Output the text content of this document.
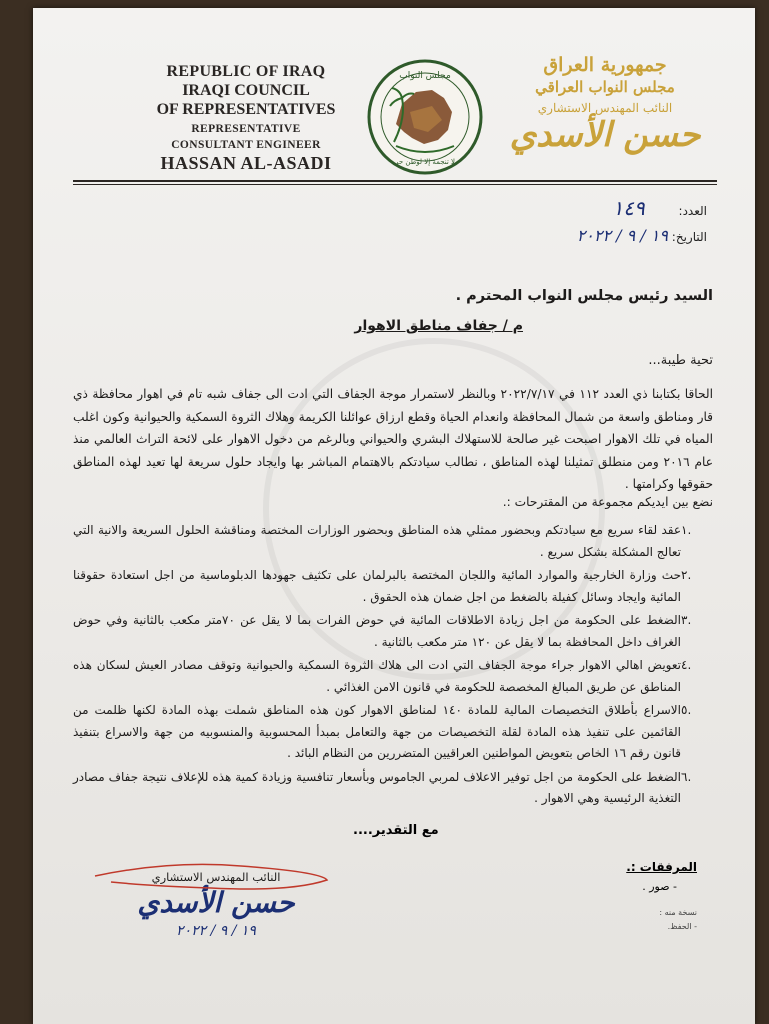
REPUBLIC OF IRAQ
IRAQI COUNCIL
OF REPRESENTATIVES
REPRESENTATIVE
CONSULTANT ENGINEER
HASSAN AL-ASADI
مجلس النواب
لا تنجمة إلا لوطن حر
جمهورية العراق
مجلس النواب العراقي
النائب المهندس الاستشاري
حسن الأسدي
العدد: ١٤٩
التاريخ: ١٩ / ٩ / ٢٠٢٢
السيد رئيس مجلس النواب المحترم .
م / جفاف مناطق الاهوار
تحية طيبة...
الحاقا بكتابنا ذي العدد ١١٢ في ٢٠٢٢/٧/١٧ وبالنظر لاستمرار موجة الجفاف التي ادت الى جفاف شبه تام في اهوار محافظة ذي قار ومناطق واسعة من شمال المحافظة وانعدام الحياة وقطع ارزاق عوائلنا الكريمة وهلاك الثروة السمكية والحيوانية وكون اغلب المياه في تلك الاهوار اصبحت غير صالحة للاستهلاك البشري والحيواني وبالرغم من دخول الاهوار على لائحة التراث العالمي منذ عام ٢٠١٦ ومن منطلق تمثيلنا لهذه المناطق ، نطالب سيادتكم بالاهتمام المباشر بها وايجاد حلول سريعة لها تعيد لهذه المناطق حقوقها وكرامتها .
نضع بين ايديكم مجموعة من المقترحات :.
.١
عقد لقاء سريع مع سيادتكم وبحضور ممثلي هذه المناطق وبحضور الوزارات المختصة ومناقشة الحلول السريعة والانية التي تعالج المشكلة بشكل سريع .
.٢
حث وزارة الخارجية والموارد المائية واللجان المختصة بالبرلمان على تكثيف جهودها الدبلوماسية من اجل استعادة حقوقنا المائية وايجاد وسائل كفيلة بالضغط من اجل ضمان هذه الحقوق .
.٣
الضغط على الحكومة من اجل زيادة الاطلاقات المائية في حوض الفرات بما لا يقل عن ٧٠متر مكعب بالثانية وفي حوض الغراف داخل المحافظة بما لا يقل عن ١٢٠ متر مكعب بالثانية .
.٤
تعويض اهالي الاهوار جراء موجة الجفاف التي ادت الى هلاك الثروة السمكية والحيوانية وتوقف مصادر العيش لسكان هذه المناطق عن طريق المبالغ المخصصة للحكومة في قانون الامن الغذائي .
.٥
الاسراع بأطلاق التخصيصات المالية للمادة ١٤٠ لمناطق الاهوار كون هذه المناطق شملت بهذه المادة لكنها ظلمت من القائمين على تنفيذ هذه المادة لقلة التخصيصات من جهة والتعامل بمبدأ المحسوبية والمنسوبيه من جهة والاسراع بتنفيذ قانون رقم ١٦ الخاص بتعويض المواطنين العراقيين المتضررين من النظام البائد .
.٦
الضغط على الحكومة من اجل توفير الاعلاف لمربي الجاموس وبأسعار تنافسية وزيادة كمية هذه للإعلاف نتيجة جفاف مصادر التغذية الرئيسية وهي الاهوار .
مع التقدير....
المرفقات :.
- صور .
نسخة منه :
- الحفظ.
النائب المهندس الاستشاري
حسن الأسدي
١٩ / ٩ / ٢٠٢٢
